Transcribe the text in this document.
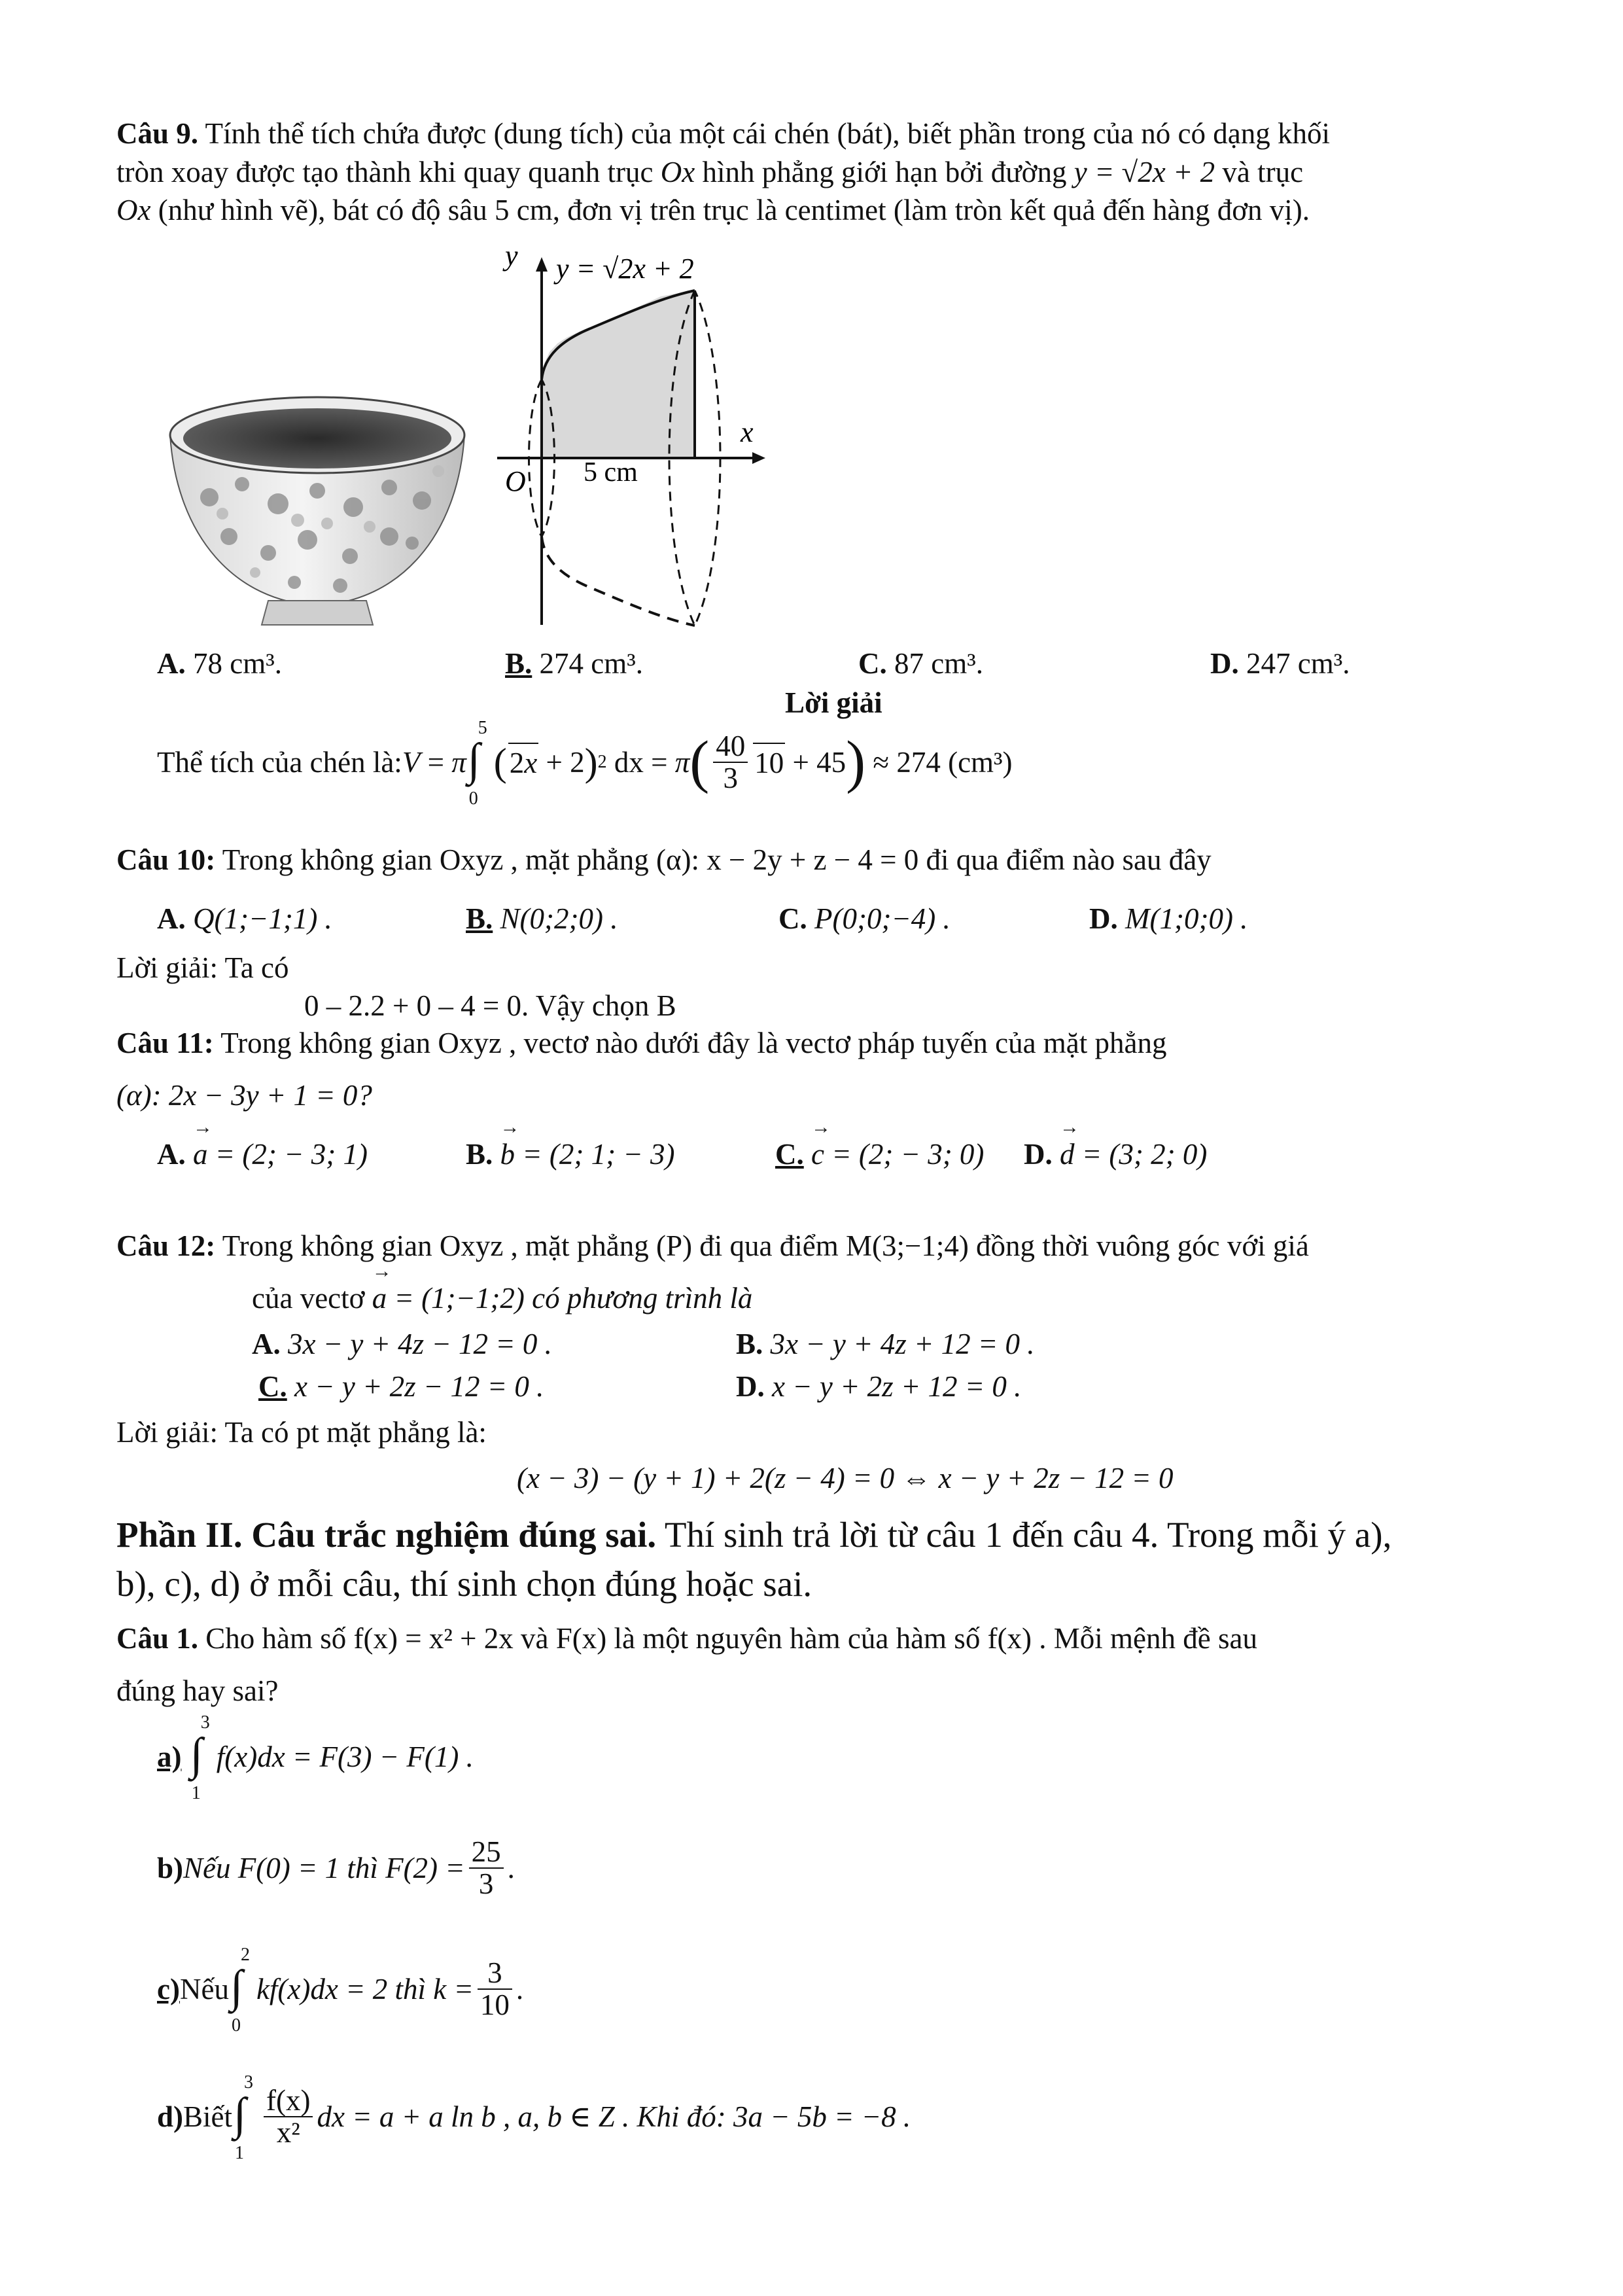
Câu 9. Tính thể tích chứa được (dung tích) của một cái chén (bát), biết phần trong của nó có dạng khối
tròn xoay được tạo thành khi quay quanh trục Ox hình phẳng giới hạn bởi đường y = √2x + 2 và trục
Ox (như hình vẽ), bát có độ sâu 5 cm, đơn vị trên trục là centimet (làm tròn kết quả đến hàng đơn vị).
y y = √2x + 2
x
O 5 cm
A. 78 cm³.	B. 274 cm³.	C. 87 cm³.	D. 247 cm³.
Lời giải
Thể tích của chén là: V = π
5
∫
0
( 2x + 2 ) 2 dx = π ( $\frac{40}{3} 10 + 45$ )
≈ 274 (cm³)
Câu 10: Trong không gian Oxyz , mặt phẳng (α): x − 2y + z − 4 = 0 đi qua điểm nào sau đây
A. Q(1;−1;1) .	B. N(0;2;0) .	C. P(0;0;−4) .	D. M(1;0;0) .
Lời giải: Ta có
0 – 2.2 + 0 – 4 = 0. Vậy chọn B
Câu 11: Trong không gian Oxyz , vectơ nào dưới đây là vectơ pháp tuyến của mặt phẳng
(α): 2x − 3y + 1 = 0?
A. → a = (2; − 3; 1)	B. → b = (2; 1; − 3)	C. → c = (2; − 3; 0) D. → d = (3; 2; 0)
Câu 12: Trong không gian Oxyz , mặt phẳng (P) đi qua điểm M(3;−1;4) đồng thời vuông góc với giá
của vectơ → a = (1;−1;2) có phương trình là
A. 3x − y + 4z − 12 = 0 .	B. 3x − y + 4z + 12 = 0 .
C. x − y + 2z − 12 = 0 .	D. x − y + 2z + 12 = 0 .
Lời giải: Ta có pt mặt phẳng là:
(x − 3) − (y + 1) + 2(z − 4) = 0 ⇔ x − y + 2z − 12 = 0
Phần II. Câu trắc nghiệm đúng sai. Thí sinh trả lời từ câu 1 đến câu 4. Trong mỗi ý a),
b), c), d) ở mỗi câu, thí sinh chọn đúng hoặc sai.
Câu 1. Cho hàm số f(x) = x² + 2x và F(x) là một nguyên hàm của hàm số f(x) . Mỗi mệnh đề sau
đúng hay sai?
a)

3
∫
1
f(x)dx = F(3) − F(1) .
b) Nếu F(0) = 1 thì $F(2) = \frac{25}{3}$ .
c) Nếu
2
∫
0
kf(x)dx = 2 thì $k = \frac{3}{10}$ .
d) Biết
3
∫
1
$\frac{f(x)}{\text{x²}}$ dx = a + a ln b , a, b ∈ Z . Khi đó: 3a − 5b = −8 .
